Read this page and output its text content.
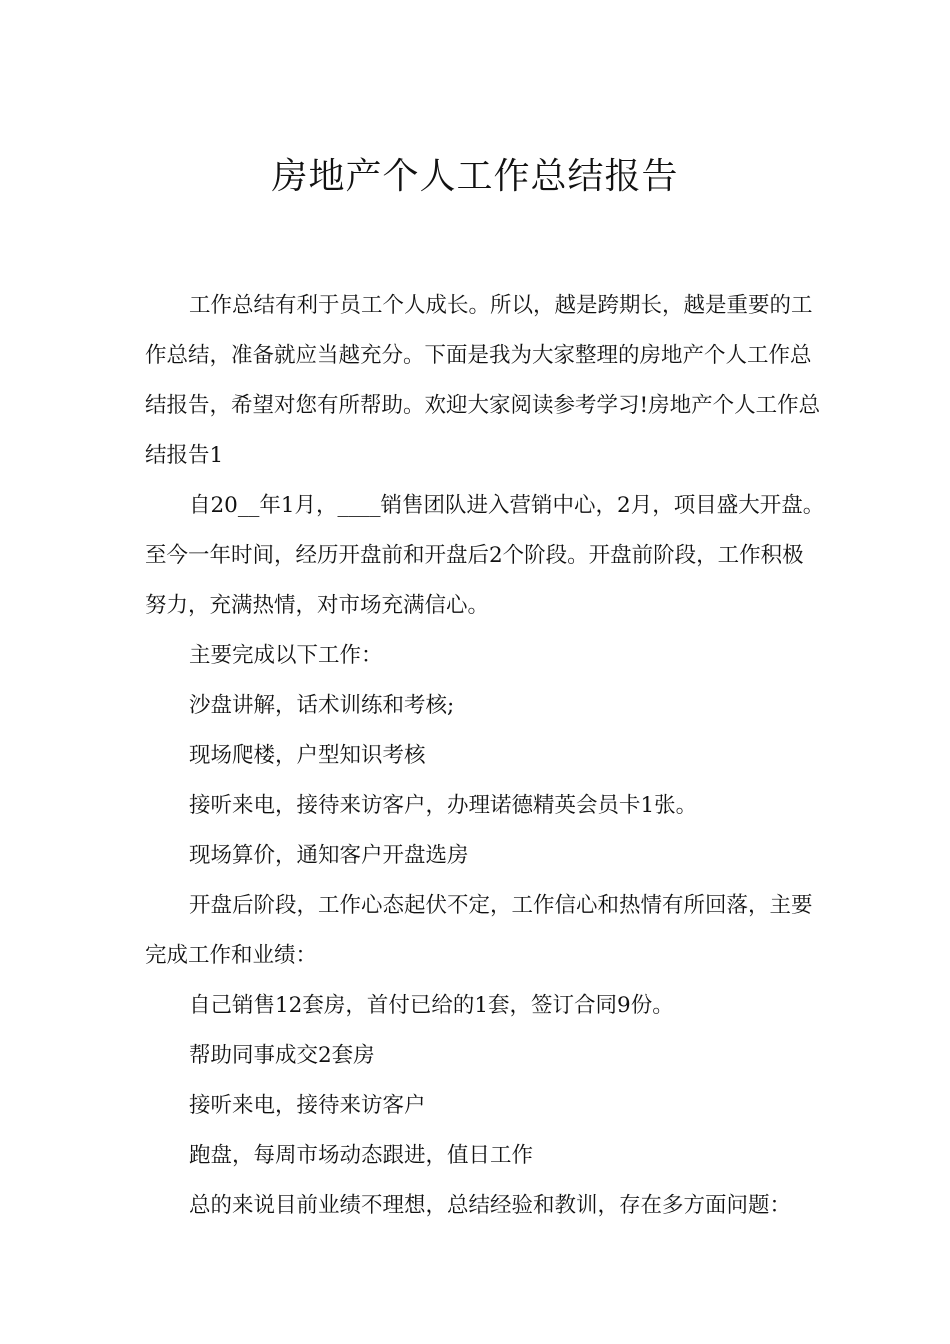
房地产个人工作总结报告

工作总结有利于员工个人成长。所以，越是跨期长，越是重要的工作总结，准备就应当越充分。下面是我为大家整理的房地产个人工作总结报告，希望对您有所帮助。欢迎大家阅读参考学习!房地产个人工作总结报告1

自20__年1月，____销售团队进入营销中心，2月，项目盛大开盘。至今一年时间，经历开盘前和开盘后2个阶段。开盘前阶段，工作积极努力，充满热情，对市场充满信心。

主要完成以下工作：

沙盘讲解，话术训练和考核;

现场爬楼，户型知识考核

接听来电，接待来访客户，办理诺德精英会员卡1张。

现场算价，通知客户开盘选房

开盘后阶段，工作心态起伏不定，工作信心和热情有所回落，主要完成工作和业绩：

自己销售12套房，首付已给的1套，签订合同9份。

帮助同事成交2套房

接听来电，接待来访客户

跑盘，每周市场动态跟进，值日工作

总的来说目前业绩不理想，总结经验和教训，存在多方面问题：
